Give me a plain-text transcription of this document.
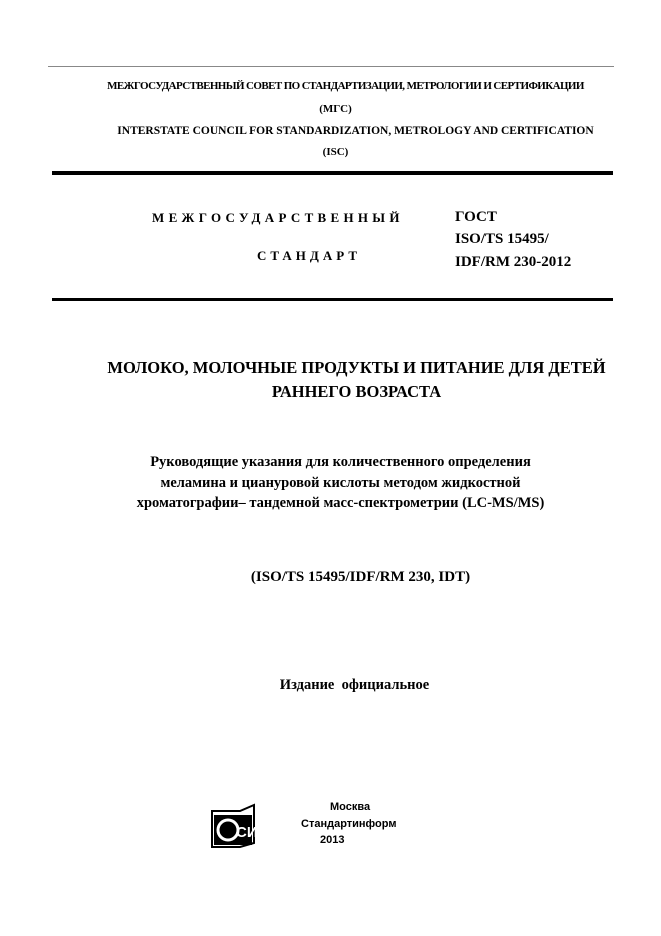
МЕЖГОСУДАРСТВЕННЫЙ СОВЕТ ПО СТАНДАРТИЗАЦИИ, МЕТРОЛОГИИ И СЕРТИФИКАЦИИ
(МГС)
INTERSTATE COUNCIL FOR STANDARDIZATION, METROLOGY AND CERTIFICATION
(ISC)
МЕЖГОСУДАРСТВЕННЫЙ
СТАНДАРТ
ГОСТ
ISO/TS 15495/
IDF/RM 230-2012
МОЛОКО, МОЛОЧНЫЕ ПРОДУКТЫ И ПИТАНИЕ ДЛЯ ДЕТЕЙ
РАННЕГО ВОЗРАСТА
Руководящие указания для количественного определения
меламина и циануровой кислоты методом жидкостной
хроматографии– тандемной масс-спектрометрии (LC-MS/MS)
(ISO/TS 15495/IDF/RM 230, IDT)
Издание  официальное
СИ
Москва
Стандартинформ
2013
